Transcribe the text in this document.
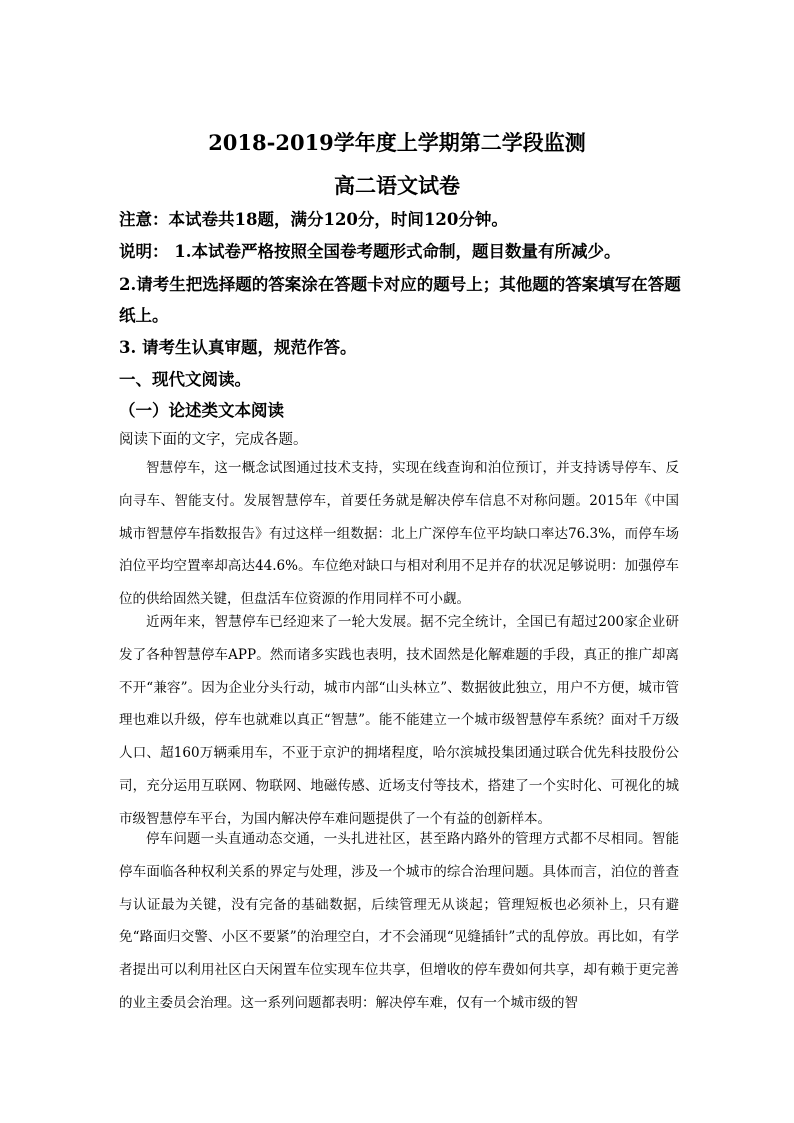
2018-2019学年度上学期第二学段监测
高二语文试卷
注意：本试卷共18题，满分120分，时间120分钟。
说明： 1.本试卷严格按照全国卷考题形式命制，题目数量有所减少。
2.请考生把选择题的答案涂在答题卡对应的题号上；其他题的答案填写在答题
纸上。
3. 请考生认真审题，规范作答。
一、现代文阅读。
（一）论述类文本阅读
阅读下面的文字，完成各题。
智慧停车，这一概念试图通过技术支持，实现在线查询和泊位预订，并支持诱导停车、反向寻车、智能支付。发展智慧停车，首要任务就是解决停车信息不对称问题。2015年《中国城市智慧停车指数报告》有过这样一组数据：北上广深停车位平均缺口率达76.3%，而停车场泊位平均空置率却高达44.6%。车位绝对缺口与相对利用不足并存的状况足够说明：加强停车位的供给固然关键，但盘活车位资源的作用同样不可小觑。
近两年来，智慧停车已经迎来了一轮大发展。据不完全统计，全国已有超过200家企业研发了各种智慧停车APP。然而诸多实践也表明，技术固然是化解难题的手段，真正的推广却离不开“兼容”。因为企业分头行动，城市内部“山头林立”、数据彼此独立，用户不方便，城市管理也难以升级，停车也就难以真正“智慧”。能不能建立一个城市级智慧停车系统？面对千万级人口、超160万辆乘用车，不亚于京沪的拥堵程度，哈尔滨城投集团通过联合优先科技股份公司，充分运用互联网、物联网、地磁传感、近场支付等技术，搭建了一个实时化、可视化的城市级智慧停车平台，为国内解决停车难问题提供了一个有益的创新样本。
停车问题一头直通动态交通，一头扎进社区，甚至路内路外的管理方式都不尽相同。智能停车面临各种权利关系的界定与处理，涉及一个城市的综合治理问题。具体而言，泊位的普查与认证最为关键，没有完备的基础数据，后续管理无从谈起；管理短板也必须补上，只有避免“路面归交警、小区不要紧”的治理空白，才不会涌现“见缝插针”式的乱停放。再比如，有学者提出可以利用社区白天闲置车位实现车位共享，但增收的停车费如何共享，却有赖于更完善的业主委员会治理。这一系列问题都表明：解决停车难，仅有一个城市级的智
